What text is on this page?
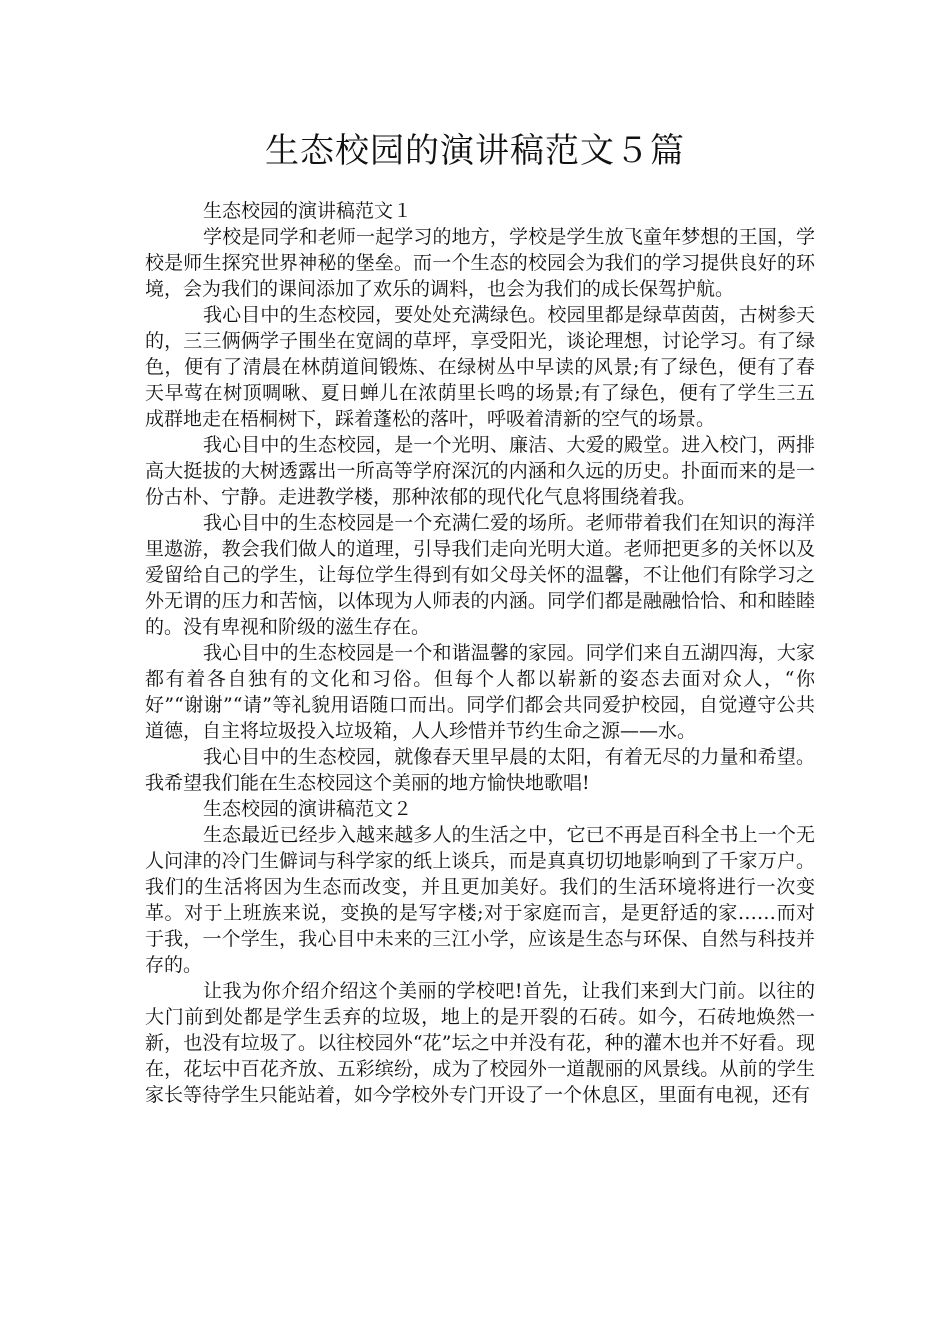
生态校园的演讲稿范文５篇

生态校园的演讲稿范文１

学校是同学和老师一起学习的地方，学校是学生放飞童年梦想的王国，学校是师生探究世界神秘的堡垒。而一个生态的校园会为我们的学习提供良好的环境，会为我们的课间添加了欢乐的调料，也会为我们的成长保驾护航。

我心目中的生态校园，要处处充满绿色。校园里都是绿草茵茵，古树参天的，三三俩俩学子围坐在宽阔的草坪，享受阳光，谈论理想，讨论学习。有了绿色，便有了清晨在林荫道间锻炼、在绿树丛中早读的风景;有了绿色，便有了春天早莺在树顶啁啾、夏日蝉儿在浓荫里长鸣的场景;有了绿色，便有了学生三五成群地走在梧桐树下，踩着蓬松的落叶，呼吸着清新的空气的场景。

我心目中的生态校园，是一个光明、廉洁、大爱的殿堂。进入校门，两排高大挺拔的大树透露出一所高等学府深沉的内涵和久远的历史。扑面而来的是一份古朴、宁静。走进教学楼，那种浓郁的现代化气息将围绕着我。

我心目中的生态校园是一个充满仁爱的场所。老师带着我们在知识的海洋里遨游，教会我们做人的道理，引导我们走向光明大道。老师把更多的关怀以及爱留给自己的学生，让每位学生得到有如父母关怀的温馨，不让他们有除学习之外无谓的压力和苦恼，以体现为人师表的内涵。同学们都是融融恰恰、和和睦睦的。没有卑视和阶级的滋生存在。

我心目中的生态校园是一个和谐温馨的家园。同学们来自五湖四海，大家都有着各自独有的文化和习俗。但每个人都以崭新的姿态去面对众人，“你好”“谢谢”“请”等礼貌用语随口而出。同学们都会共同爱护校园，自觉遵守公共道德，自主将垃圾投入垃圾箱，人人珍惜并节约生命之源——水。

我心目中的生态校园，就像春天里早晨的太阳，有着无尽的力量和希望。我希望我们能在生态校园这个美丽的地方愉快地歌唱!

生态校园的演讲稿范文２

生态最近已经步入越来越多人的生活之中，它已不再是百科全书上一个无人问津的冷门生僻词与科学家的纸上谈兵，而是真真切切地影响到了千家万户。我们的生活将因为生态而改变，并且更加美好。我们的生活环境将进行一次变革。对于上班族来说，变换的是写字楼;对于家庭而言，是更舒适的家……而对于我，一个学生，我心目中未来的三江小学，应该是生态与环保、自然与科技并存的。

让我为你介绍介绍这个美丽的学校吧!首先，让我们来到大门前。以往的大门前到处都是学生丢弃的垃圾，地上的是开裂的石砖。如今，石砖地焕然一新，也没有垃圾了。以往校园外“花”坛之中并没有花，种的灌木也并不好看。现在，花坛中百花齐放、五彩缤纷，成为了校园外一道靓丽的风景线。从前的学生家长等待学生只能站着，如今学校外专门开设了一个休息区，里面有电视，还有
